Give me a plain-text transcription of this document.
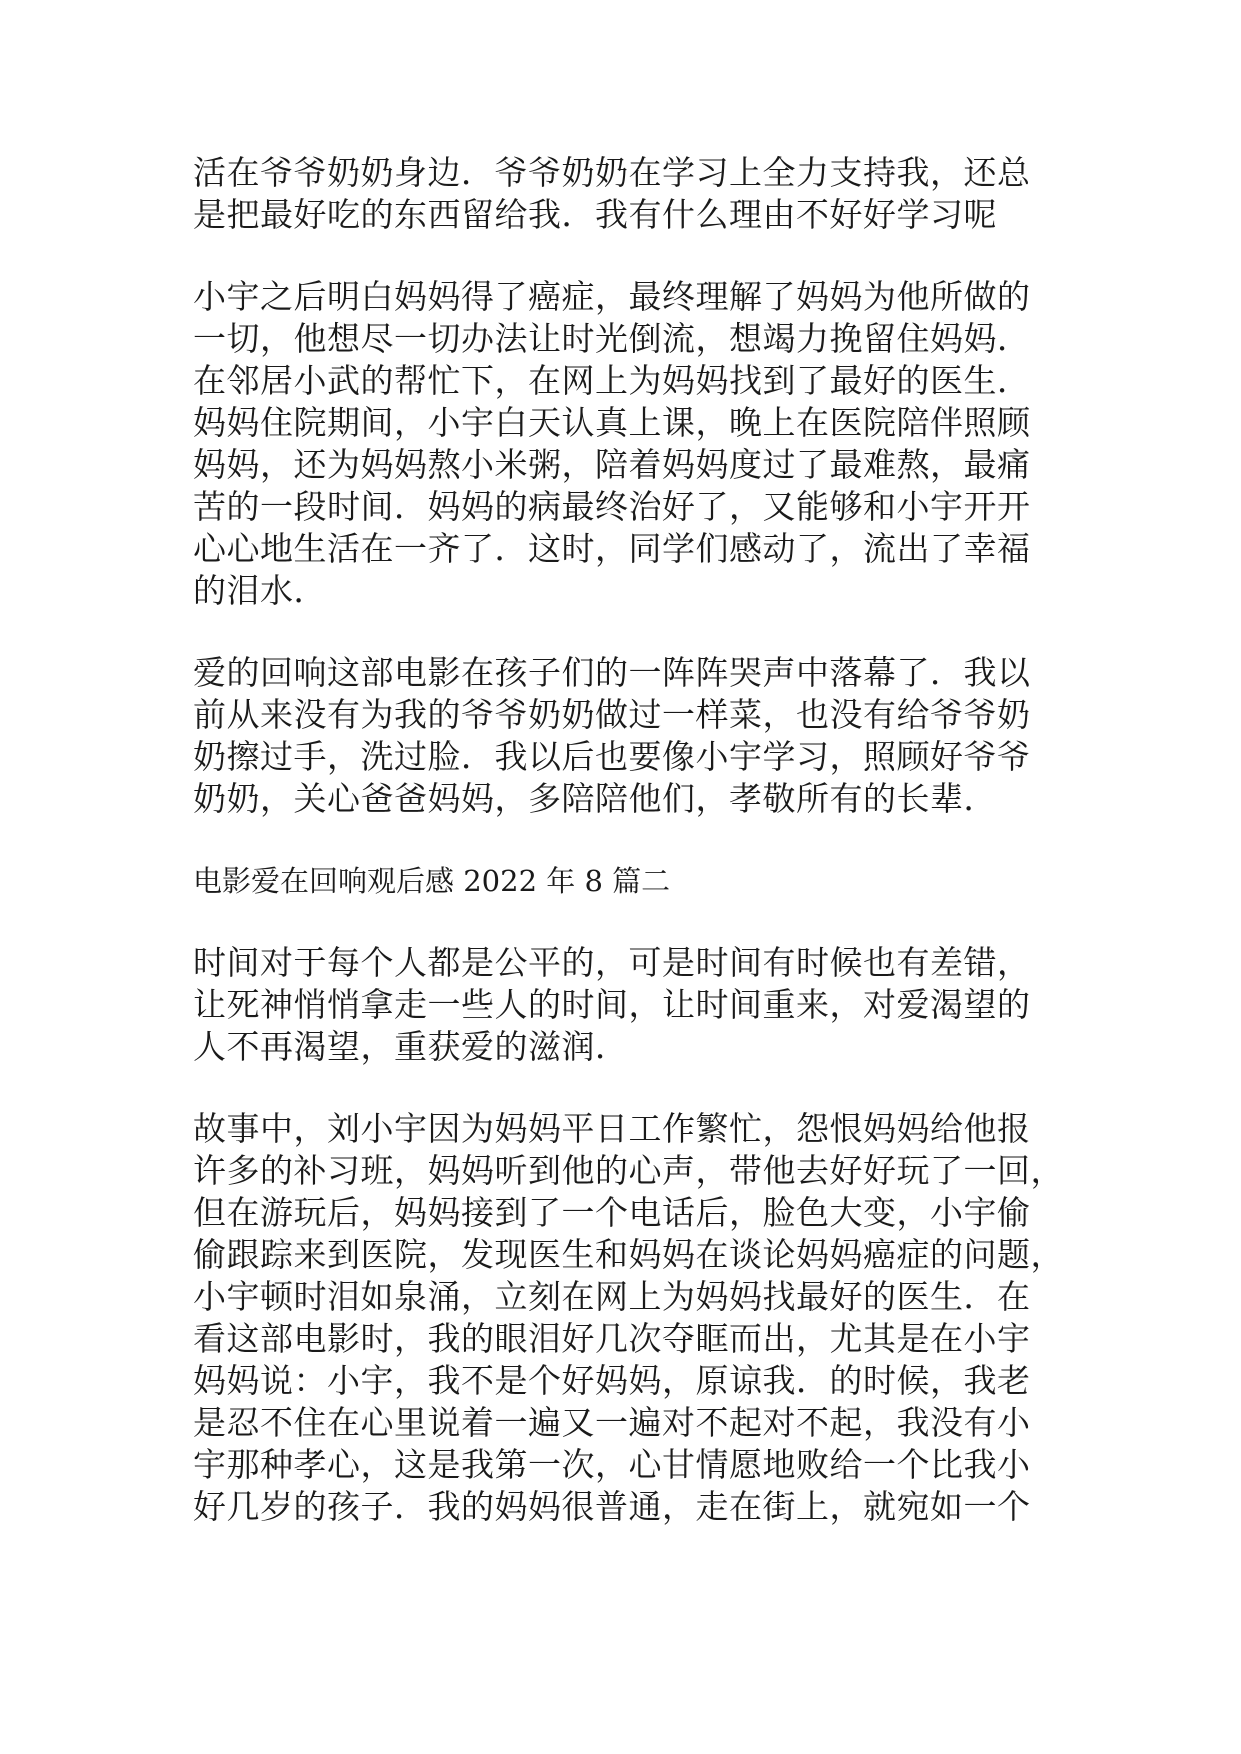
活在爷爷奶奶身边．爷爷奶奶在学习上全力支持我，还总
是把最好吃的东西留给我．我有什么理由不好好学习呢
小宇之后明白妈妈得了癌症，最终理解了妈妈为他所做的
一切，他想尽一切办法让时光倒流，想竭力挽留住妈妈．
在邻居小武的帮忙下，在网上为妈妈找到了最好的医生．
妈妈住院期间，小宇白天认真上课，晚上在医院陪伴照顾
妈妈，还为妈妈熬小米粥，陪着妈妈度过了最难熬，最痛
苦的一段时间．妈妈的病最终治好了，又能够和小宇开开
心心地生活在一齐了．这时，同学们感动了，流出了幸福
的泪水．
爱的回响这部电影在孩子们的一阵阵哭声中落幕了．我以
前从来没有为我的爷爷奶奶做过一样菜，也没有给爷爷奶
奶擦过手，洗过脸．我以后也要像小宇学习，照顾好爷爷
奶奶，关心爸爸妈妈，多陪陪他们，孝敬所有的长辈．
电影爱在回响观后感 2022 年 8 篇二
时间对于每个人都是公平的，可是时间有时候也有差错，
让死神悄悄拿走一些人的时间，让时间重来，对爱渴望的
人不再渴望，重获爱的滋润．
故事中，刘小宇因为妈妈平日工作繁忙，怨恨妈妈给他报
许多的补习班，妈妈听到他的心声，带他去好好玩了一回，
但在游玩后，妈妈接到了一个电话后，脸色大变，小宇偷
偷跟踪来到医院，发现医生和妈妈在谈论妈妈癌症的问题，
小宇顿时泪如泉涌，立刻在网上为妈妈找最好的医生．在
看这部电影时，我的眼泪好几次夺眶而出，尤其是在小宇
妈妈说：小宇，我不是个好妈妈，原谅我．的时候，我老
是忍不住在心里说着一遍又一遍对不起对不起，我没有小
宇那种孝心，这是我第一次，心甘情愿地败给一个比我小
好几岁的孩子．我的妈妈很普通，走在街上，就宛如一个
